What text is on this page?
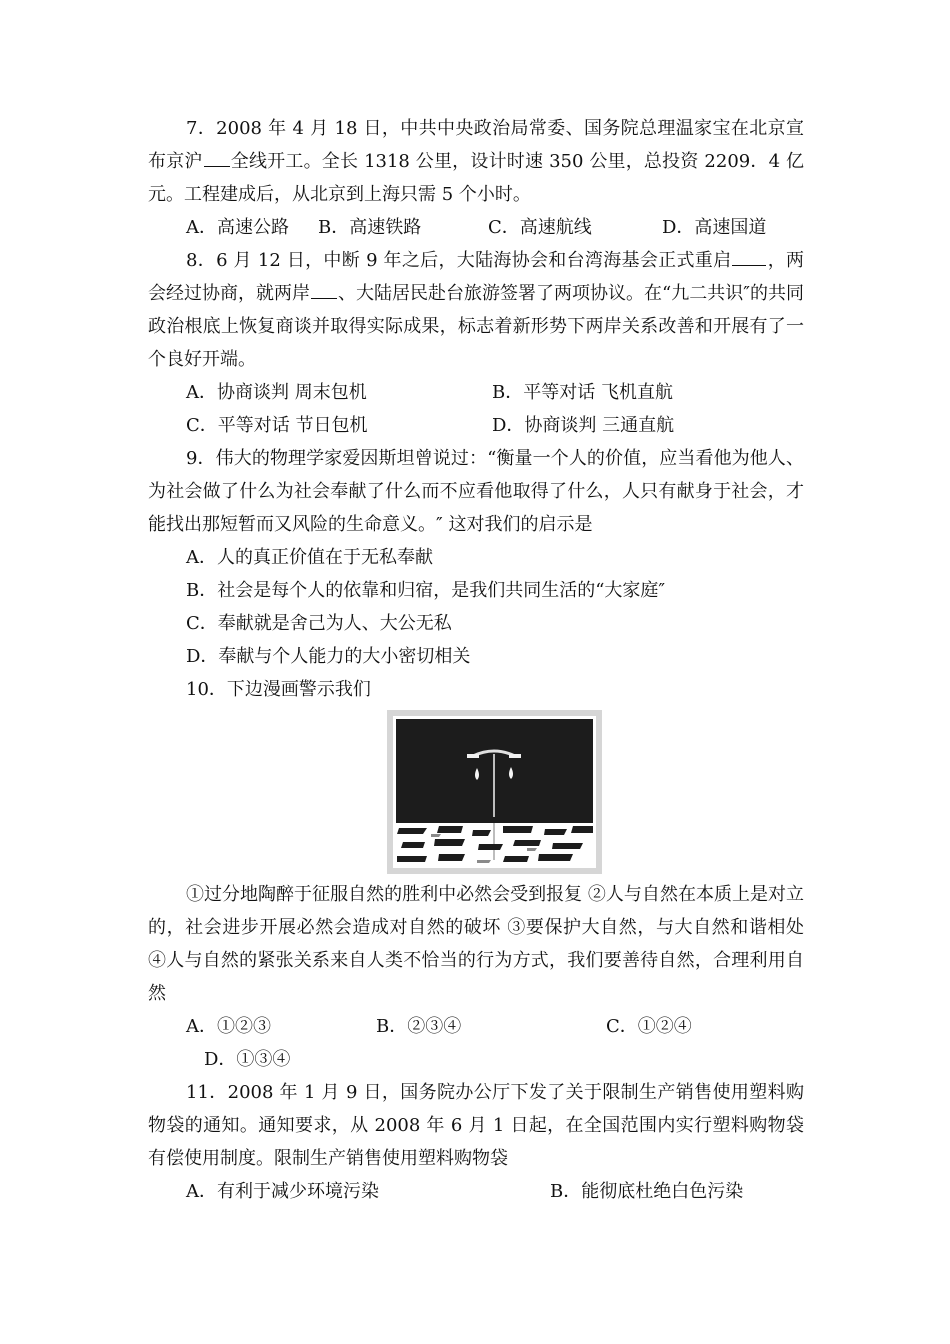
7．2008 年 4 月 18 日，中共中央政治局常委、国务院总理温家宝在北京宣布京沪 全线开工。全长 1318 公里，设计时速 350 公里，总投资 2209．4 亿元。工程建成后，从北京到上海只需 5 个小时。

A．高速公路 B．高速铁路	C．高速航线	D．高速国道

8．6 月 12 日，中断 9 年之后，大陆海协会和台湾海基会正式重启 ，两会经过协商，就两岸 、大陆居民赴台旅游签署了两项协议。在“九二共识″的共同政治根底上恢复商谈并取得实际成果，标志着新形势下两岸关系改善和开展有了一个良好开端。

A．协商谈判 周末包机	B．平等对话 飞机直航
C．平等对话 节日包机	D．协商谈判 三通直航

9．伟大的物理学家爱因斯坦曾说过：“衡量一个人的价值，应当看他为他人、为社会做了什么为社会奉献了什么而不应看他取得了什么，人只有献身于社会，才能找出那短暂而又风险的生命意义。″ 这对我们的启示是

A．人的真正价值在于无私奉献

B．社会是每个人的依靠和归宿，是我们共同生活的“大家庭″

C．奉献就是舍己为人、大公无私

D．奉献与个人能力的大小密切相关

10．下边漫画警示我们

①过分地陶醉于征服自然的胜利中必然会受到报复 ②人与自然在本质上是对立的，社会进步开展必然会造成对自然的破坏 ③要保护大自然，与大自然和谐相处 ④人与自然的紧张关系来自人类不恰当的行为方式，我们要善待自然，合理利用自然

A．①②③	B．②③④	C．①②④
D．①③④

11．2008 年 1 月 9 日，国务院办公厅下发了关于限制生产销售使用塑料购物袋的通知。通知要求，从 2008 年 6 月 1 日起，在全国范围内实行塑料购物袋有偿使用制度。限制生产销售使用塑料购物袋

A．有利于减少环境污染	B．能彻底杜绝白色污染
